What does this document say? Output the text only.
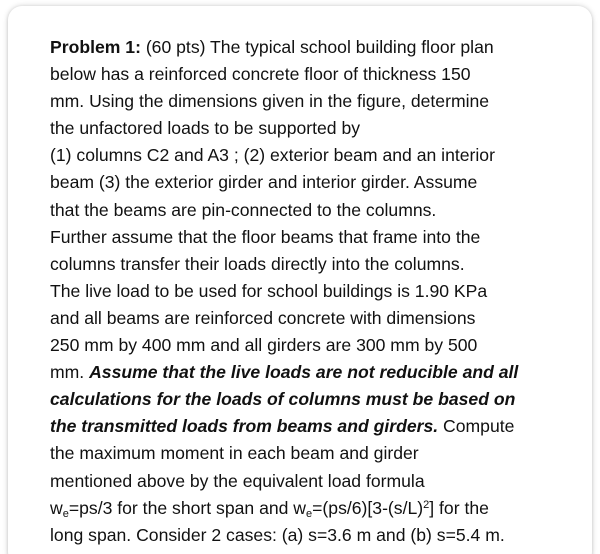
Problem 1: (60 pts) The typical school building floor plan
below has a reinforced concrete floor of thickness 150
mm. Using the dimensions given in the figure, determine
the unfactored loads to be supported by
(1) columns C2 and A3 ; (2) exterior beam and an interior
beam (3) the exterior girder and interior girder. Assume
that the beams are pin-connected to the columns.
Further assume that the floor beams that frame into the
columns transfer their loads directly into the columns.
The live load to be used for school buildings is 1.90 KPa
and all beams are reinforced concrete with dimensions
250 mm by 400 mm and all girders are 300 mm by 500
mm. Assume that the live loads are not reducible and all
calculations for the loads of columns must be based on
the transmitted loads from beams and girders. Compute
the maximum moment in each beam and girder
mentioned above by the equivalent load formula
$w_e=ps/3$ for the short span and $w_e=(ps/6)[3-(s/L)^2]$ for the
long span. Consider 2 cases: (a) s=3.6 m and (b) s=5.4 m.
